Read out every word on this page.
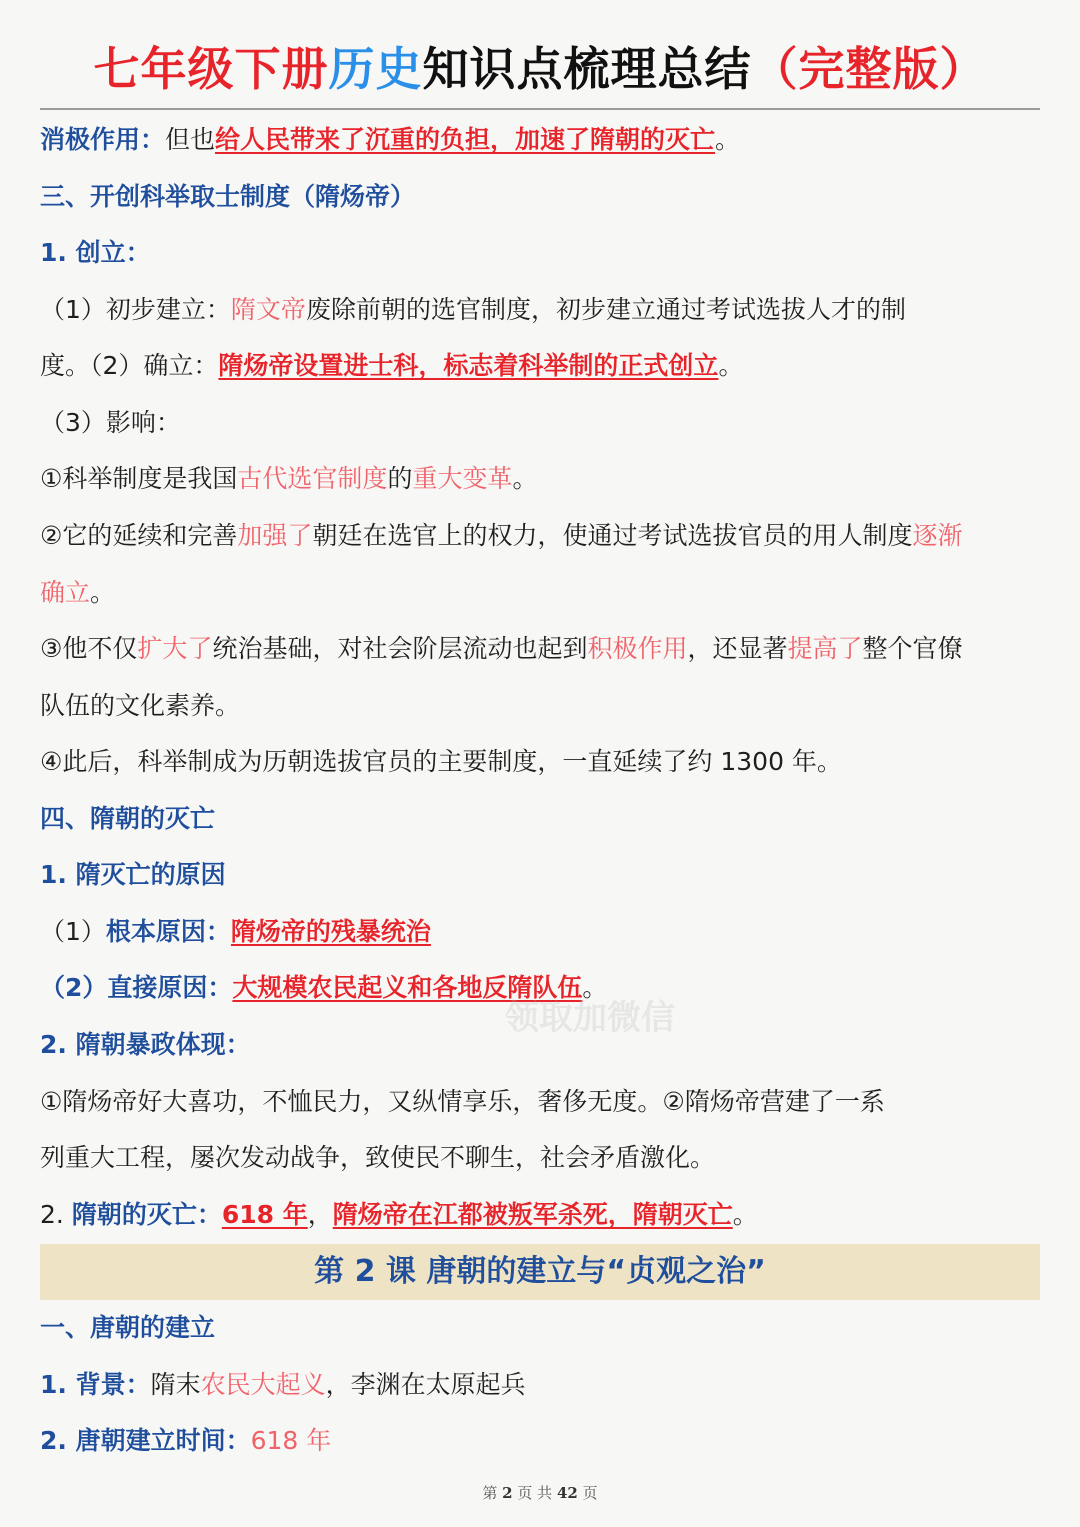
七年级下册历史知识点梳理总结（完整版）
消极作用：但也给人民带来了沉重的负担，加速了隋朝的灭亡。
三、开创科举取士制度（隋炀帝）
1. 创立：
（1）初步建立：隋文帝废除前朝的选官制度，初步建立通过考试选拔人才的制
度。（2）确立：隋炀帝设置进士科，标志着科举制的正式创立。
（3）影响：
①科举制度是我国古代选官制度的重大变革。
②它的延续和完善加强了朝廷在选官上的权力，使通过考试选拔官员的用人制度逐渐
确立。
③他不仅扩大了统治基础，对社会阶层流动也起到积极作用，还显著提高了整个官僚
队伍的文化素养。
④此后，科举制成为历朝选拔官员的主要制度，一直延续了约 1300 年。
四、隋朝的灭亡
1. 隋灭亡的原因
（1）根本原因：隋炀帝的残暴统治
（2）直接原因：大规模农民起义和各地反隋队伍。
领取加微信
2. 隋朝暴政体现：
①隋炀帝好大喜功，不恤民力，又纵情享乐，奢侈无度。②隋炀帝营建了一系
列重大工程，屡次发动战争，致使民不聊生，社会矛盾激化。
2. 隋朝的灭亡：618 年，隋炀帝在江都被叛军杀死，隋朝灭亡。
第 2 课 唐朝的建立与“贞观之治”
一、唐朝的建立
1. 背景：隋末农民大起义，李渊在太原起兵
2. 唐朝建立时间：618 年
第 2 页 共 42 页
